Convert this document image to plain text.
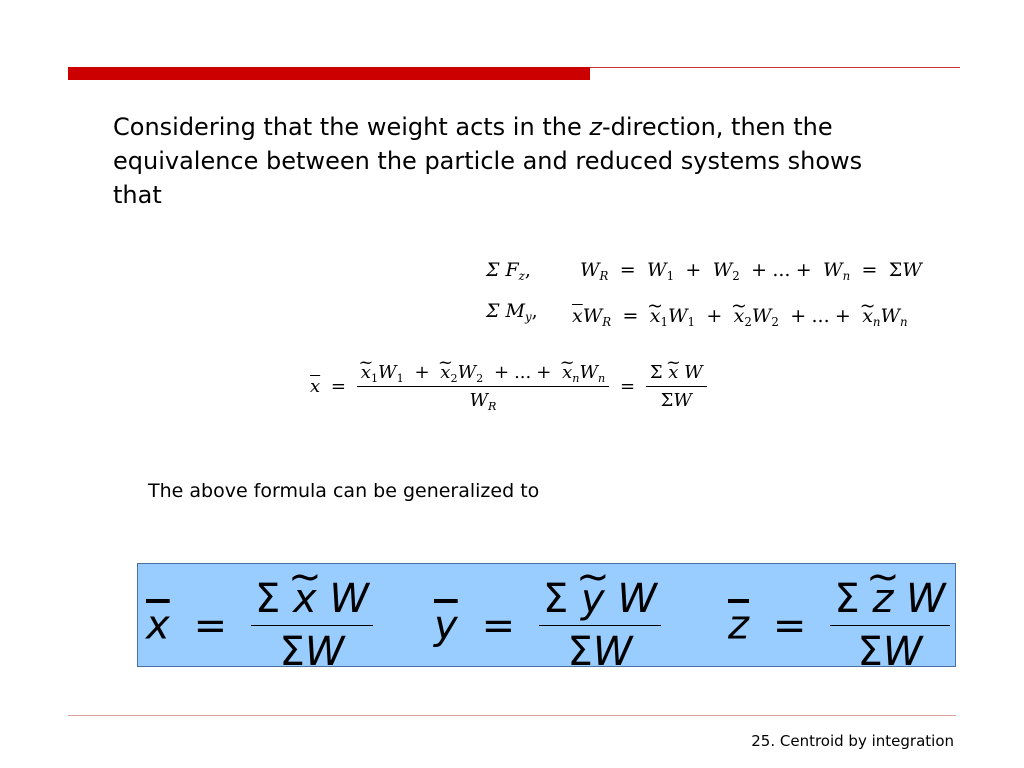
Considering that the weight acts in the z-direction, then the equivalence between the particle and reduced systems shows that
Σ $F_z$,	$W_R = W_1 + W_2$ + ... + $W_n = \Sigma W$
Σ $M_y$, $\overline{x}W_R$ = ~ $x_1W_1$ + ~ $x_2W_2$ + ... + ~ $x_nW_n$
$\overline{x}$ = ~ $\frac{x_1W_1 + \sim x_2W_2 + ... + \sim x_nW_n}{W_R} = \frac{\text{Σ \textasciitilde{} x W}}{\Sigma W}$
The above formula can be generalized to
$\overline{x} = \frac{\text{Σ \textasciitilde{} x W}}{\Sigma W} \overline{y} = \frac{\text{Σ \textasciitilde{} y W}}{\Sigma W} \overline{z} = \frac{\text{Σ \textasciitilde{} z W}}{\Sigma W}$
25. Centroid by integration
